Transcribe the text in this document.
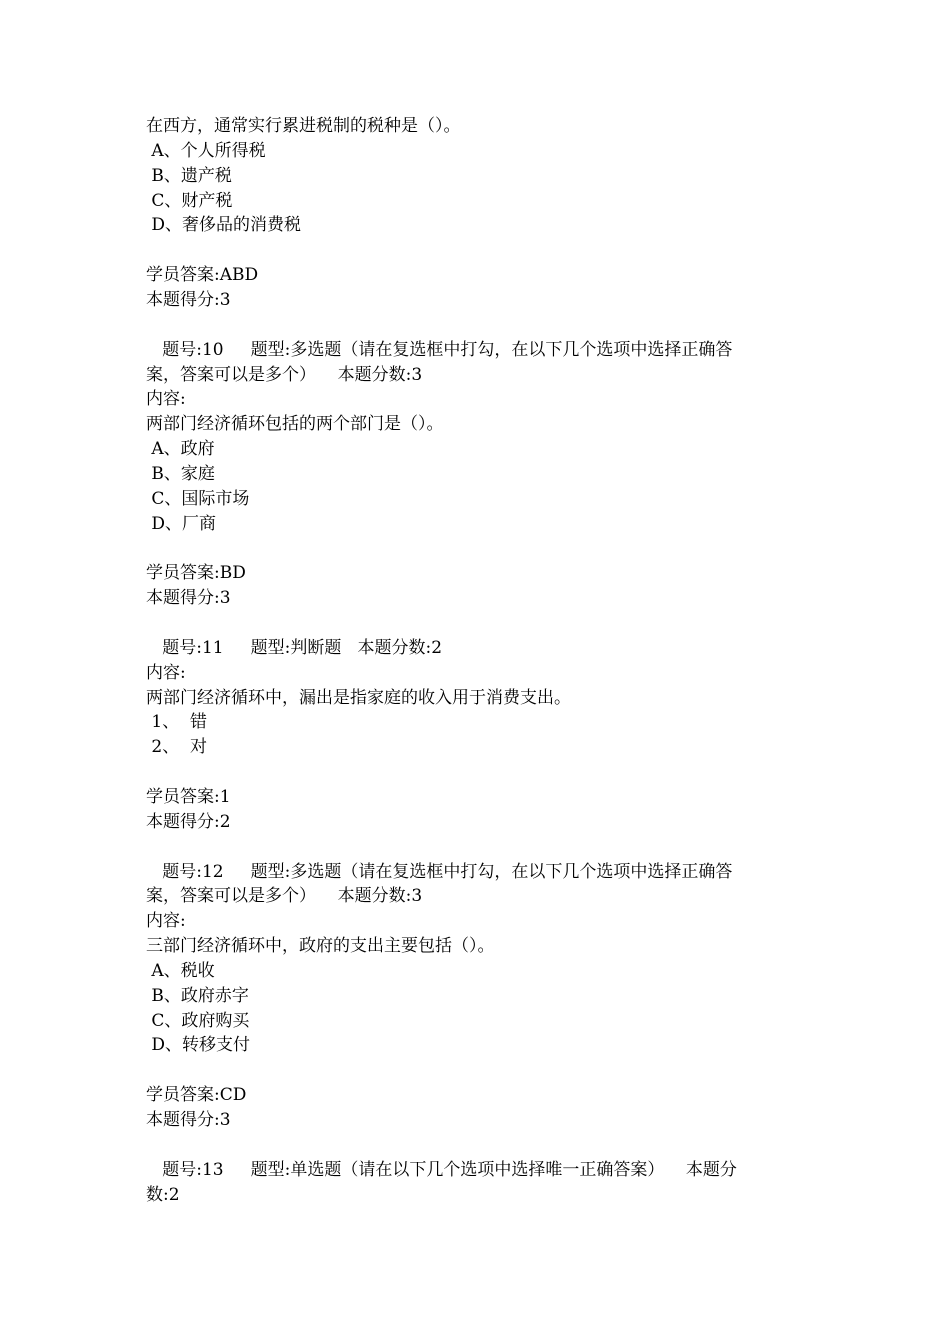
在西方，通常实行累进税制的税种是（）。
A、个人所得税
B、遗产税
C、财产税
D、奢侈品的消费税
学员答案:ABD
本题得分:3
题号:10     题型:多选题（请在复选框中打勾，在以下几个选项中选择正确答
案，答案可以是多个）    本题分数:3
内容:
两部门经济循环包括的两个部门是（）。
A、政府
B、家庭
C、国际市场
D、厂商
学员答案:BD
本题得分:3
题号:11     题型:判断题   本题分数:2
内容:
两部门经济循环中，漏出是指家庭的收入用于消费支出。
1、  错
2、  对
学员答案:1
本题得分:2
题号:12     题型:多选题（请在复选框中打勾，在以下几个选项中选择正确答
案，答案可以是多个）    本题分数:3
内容:
三部门经济循环中，政府的支出主要包括（）。
A、税收
B、政府赤字
C、政府购买
D、转移支付
学员答案:CD
本题得分:3
题号:13     题型:单选题（请在以下几个选项中选择唯一正确答案）    本题分
数:2
